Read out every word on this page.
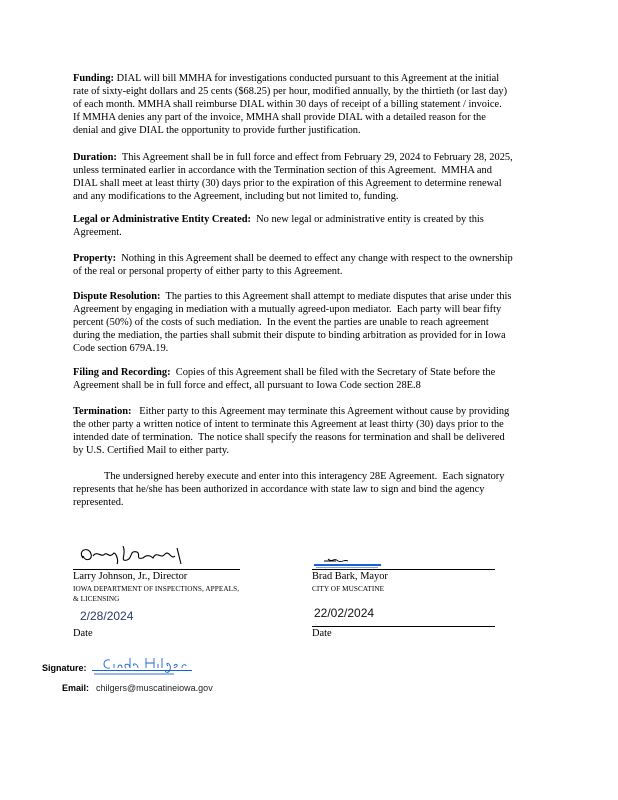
Funding: DIAL will bill MMHA for investigations conducted pursuant to this Agreement at the initial
rate of sixty-eight dollars and 25 cents ($68.25) per hour, modified annually, by the thirtieth (or last day)
of each month. MMHA shall reimburse DIAL within 30 days of receipt of a billing statement / invoice.
If MMHA denies any part of the invoice, MMHA shall provide DIAL with a detailed reason for the
denial and give DIAL the opportunity to provide further justification.
Duration:  This Agreement shall be in full force and effect from February 29, 2024 to February 28, 2025,
unless terminated earlier in accordance with the Termination section of this Agreement.  MMHA and
DIAL shall meet at least thirty (30) days prior to the expiration of this Agreement to determine renewal
and any modifications to the Agreement, including but not limited to, funding.
Legal or Administrative Entity Created:  No new legal or administrative entity is created by this
Agreement.
Property:  Nothing in this Agreement shall be deemed to effect any change with respect to the ownership
of the real or personal property of either party to this Agreement.
Dispute Resolution:  The parties to this Agreement shall attempt to mediate disputes that arise under this
Agreement by engaging in mediation with a mutually agreed-upon mediator.  Each party will bear fifty
percent (50%) of the costs of such mediation.  In the event the parties are unable to reach agreement
during the mediation, the parties shall submit their dispute to binding arbitration as provided for in Iowa
Code section 679A.19.
Filing and Recording:  Copies of this Agreement shall be filed with the Secretary of State before the
Agreement shall be in full force and effect, all pursuant to Iowa Code section 28E.8
Termination:   Either party to this Agreement may terminate this Agreement without cause by providing
the other party a written notice of intent to terminate this Agreement at least thirty (30) days prior to the
intended date of termination.  The notice shall specify the reasons for termination and shall be delivered
by U.S. Certified Mail to either party.
The undersigned hereby execute and enter into this interagency 28E Agreement.  Each signatory
represents that he/she has been authorized in accordance with state law to sign and bind the agency
represented.
Larry Johnson, Jr., Director
IOWA DEPARTMENT OF INSPECTIONS, APPEALS,
& LICENSING
Brad Bark, Mayor
CITY OF MUSCATINE
2/28/2024	22/02/2024
Date	Date
Signature:
Email: chilgers@muscatineiowa.gov
